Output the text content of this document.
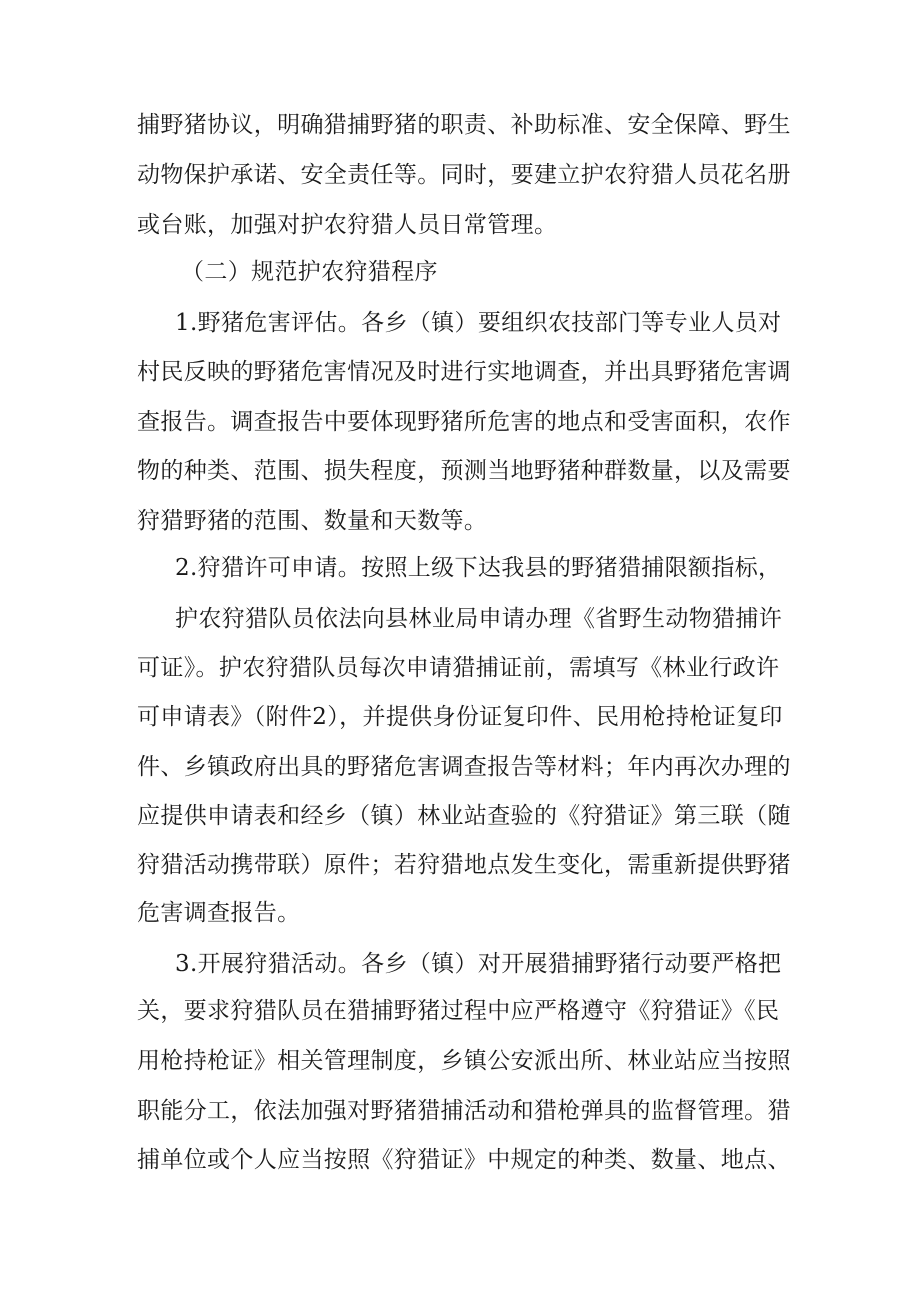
捕野猪协议，明确猎捕野猪的职责、补助标准、安全保障、野生
动物保护承诺、安全责任等。同时，要建立护农狩猎人员花名册
或台账，加强对护农狩猎人员日常管理。
（二）规范护农狩猎程序
1.野猪危害评估。各乡（镇）要组织农技部门等专业人员对
村民反映的野猪危害情况及时进行实地调查，并出具野猪危害调
查报告。调查报告中要体现野猪所危害的地点和受害面积，农作
物的种类、范围、损失程度，预测当地野猪种群数量，以及需要
狩猎野猪的范围、数量和天数等。
2.狩猎许可申请。按照上级下达我县的野猪猎捕限额指标，
护农狩猎队员依法向县林业局申请办理《省野生动物猎捕许
可证》。护农狩猎队员每次申请猎捕证前，需填写《林业行政许
可申请表》（附件2），并提供身份证复印件、民用枪持枪证复印
件、乡镇政府出具的野猪危害调查报告等材料；年内再次办理的
应提供申请表和经乡（镇）林业站查验的《狩猎证》第三联（随
狩猎活动携带联）原件；若狩猎地点发生变化，需重新提供野猪
危害调查报告。
3.开展狩猎活动。各乡（镇）对开展猎捕野猪行动要严格把
关，要求狩猎队员在猎捕野猪过程中应严格遵守《狩猎证》《民
用枪持枪证》相关管理制度，乡镇公安派出所、林业站应当按照
职能分工，依法加强对野猪猎捕活动和猎枪弹具的监督管理。猎
捕单位或个人应当按照《狩猎证》中规定的种类、数量、地点、
